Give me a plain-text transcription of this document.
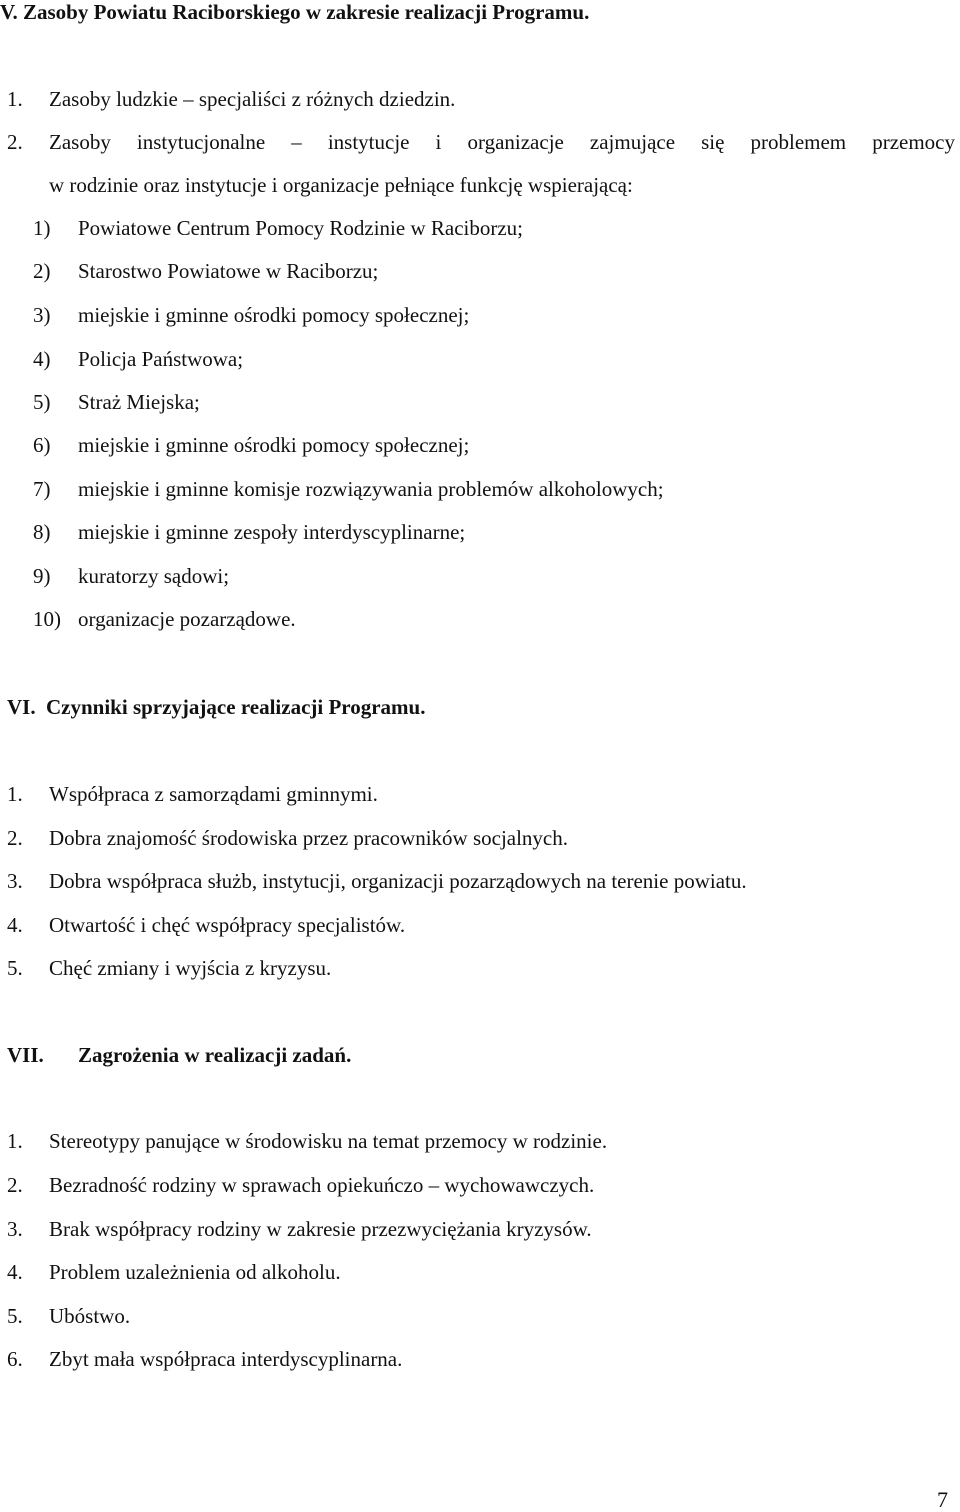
V. Zasoby Powiatu Raciborskiego w zakresie realizacji Programu.
1. Zasoby ludzkie – specjaliści z różnych dziedzin.
2. Zasoby instytucjonalne – instytucje i organizacje zajmujące się problemem przemocy
w rodzinie oraz instytucje i organizacje pełniące funkcję wspierającą:
1) Powiatowe Centrum Pomocy Rodzinie w Raciborzu;
2) Starostwo Powiatowe w Raciborzu;
3) miejskie i gminne ośrodki pomocy społecznej;
4) Policja Państwowa;
5) Straż Miejska;
6) miejskie i gminne ośrodki pomocy społecznej;
7) miejskie i gminne komisje rozwiązywania problemów alkoholowych;
8) miejskie i gminne zespoły interdyscyplinarne;
9) kuratorzy sądowi;
10) organizacje pozarządowe.
VI. Czynniki sprzyjające realizacji Programu.
1. Współpraca z samorządami gminnymi.
2. Dobra znajomość środowiska przez pracowników socjalnych.
3. Dobra współpraca służb, instytucji, organizacji pozarządowych na terenie powiatu.
4. Otwartość i chęć współpracy specjalistów.
5. Chęć zmiany i wyjścia z kryzysu.
VII. Zagrożenia w realizacji zadań.
1. Stereotypy panujące w środowisku na temat przemocy w rodzinie.
2. Bezradność rodziny w sprawach opiekuńczo – wychowawczych.
3. Brak współpracy rodziny w zakresie przezwyciężania kryzysów.
4. Problem uzależnienia od alkoholu.
5. Ubóstwo.
6. Zbyt mała współpraca interdyscyplinarna.
7
